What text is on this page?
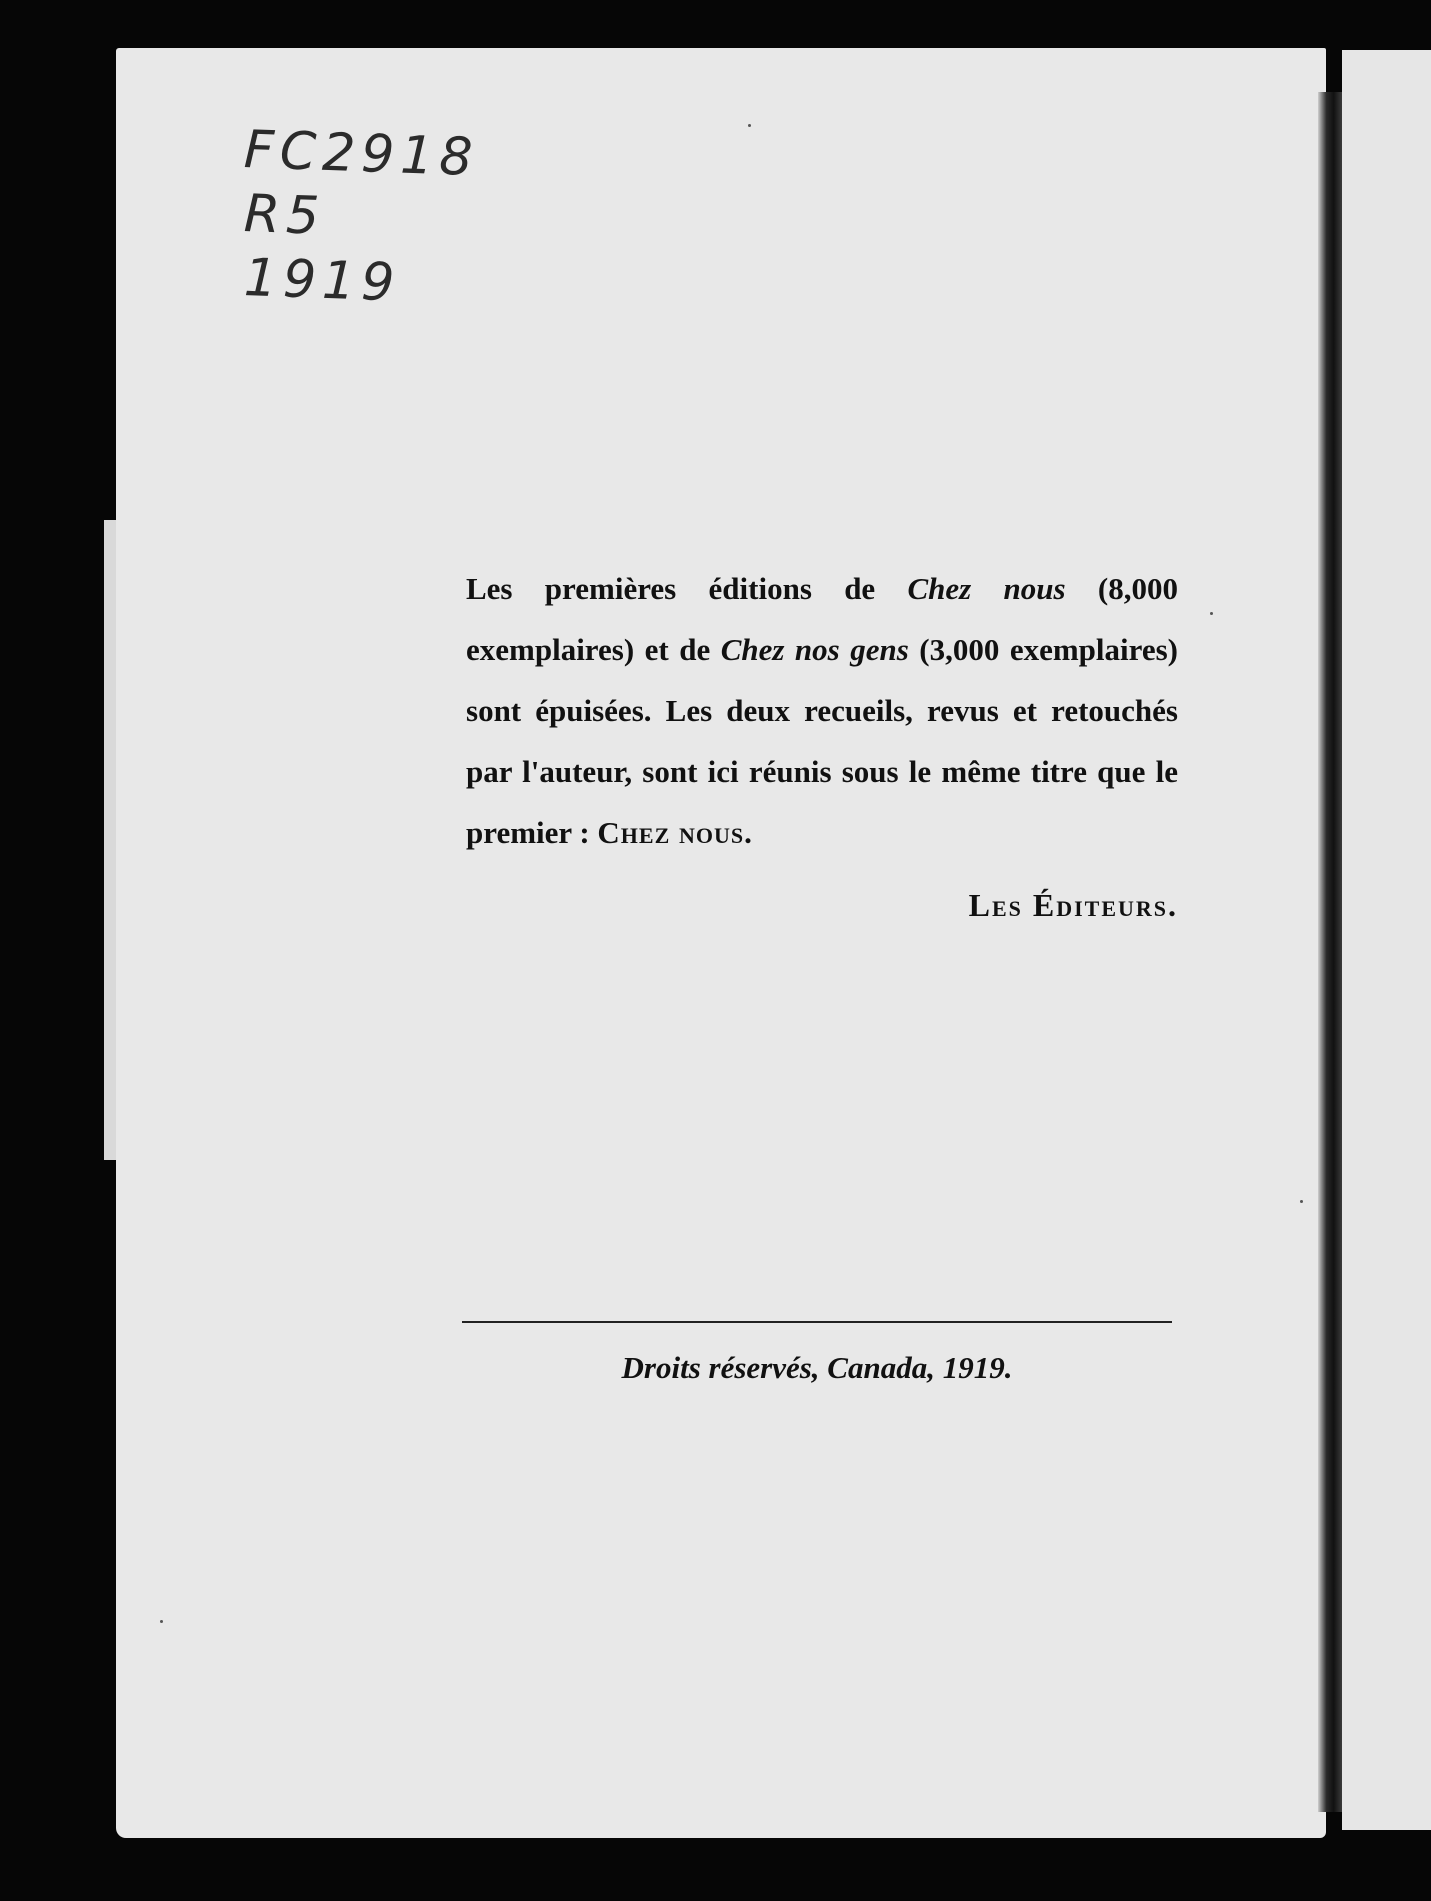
FC2918
R5
1919

Les premières éditions de Chez nous (8,000 exemplaires) et de Chez nos gens (3,000 exemplaires) sont épuisées. Les deux recueils, revus et retouchés par l'auteur, sont ici réunis sous le même titre que le premier : Chez nous.

Les Éditeurs.

Droits réservés, Canada, 1919.
